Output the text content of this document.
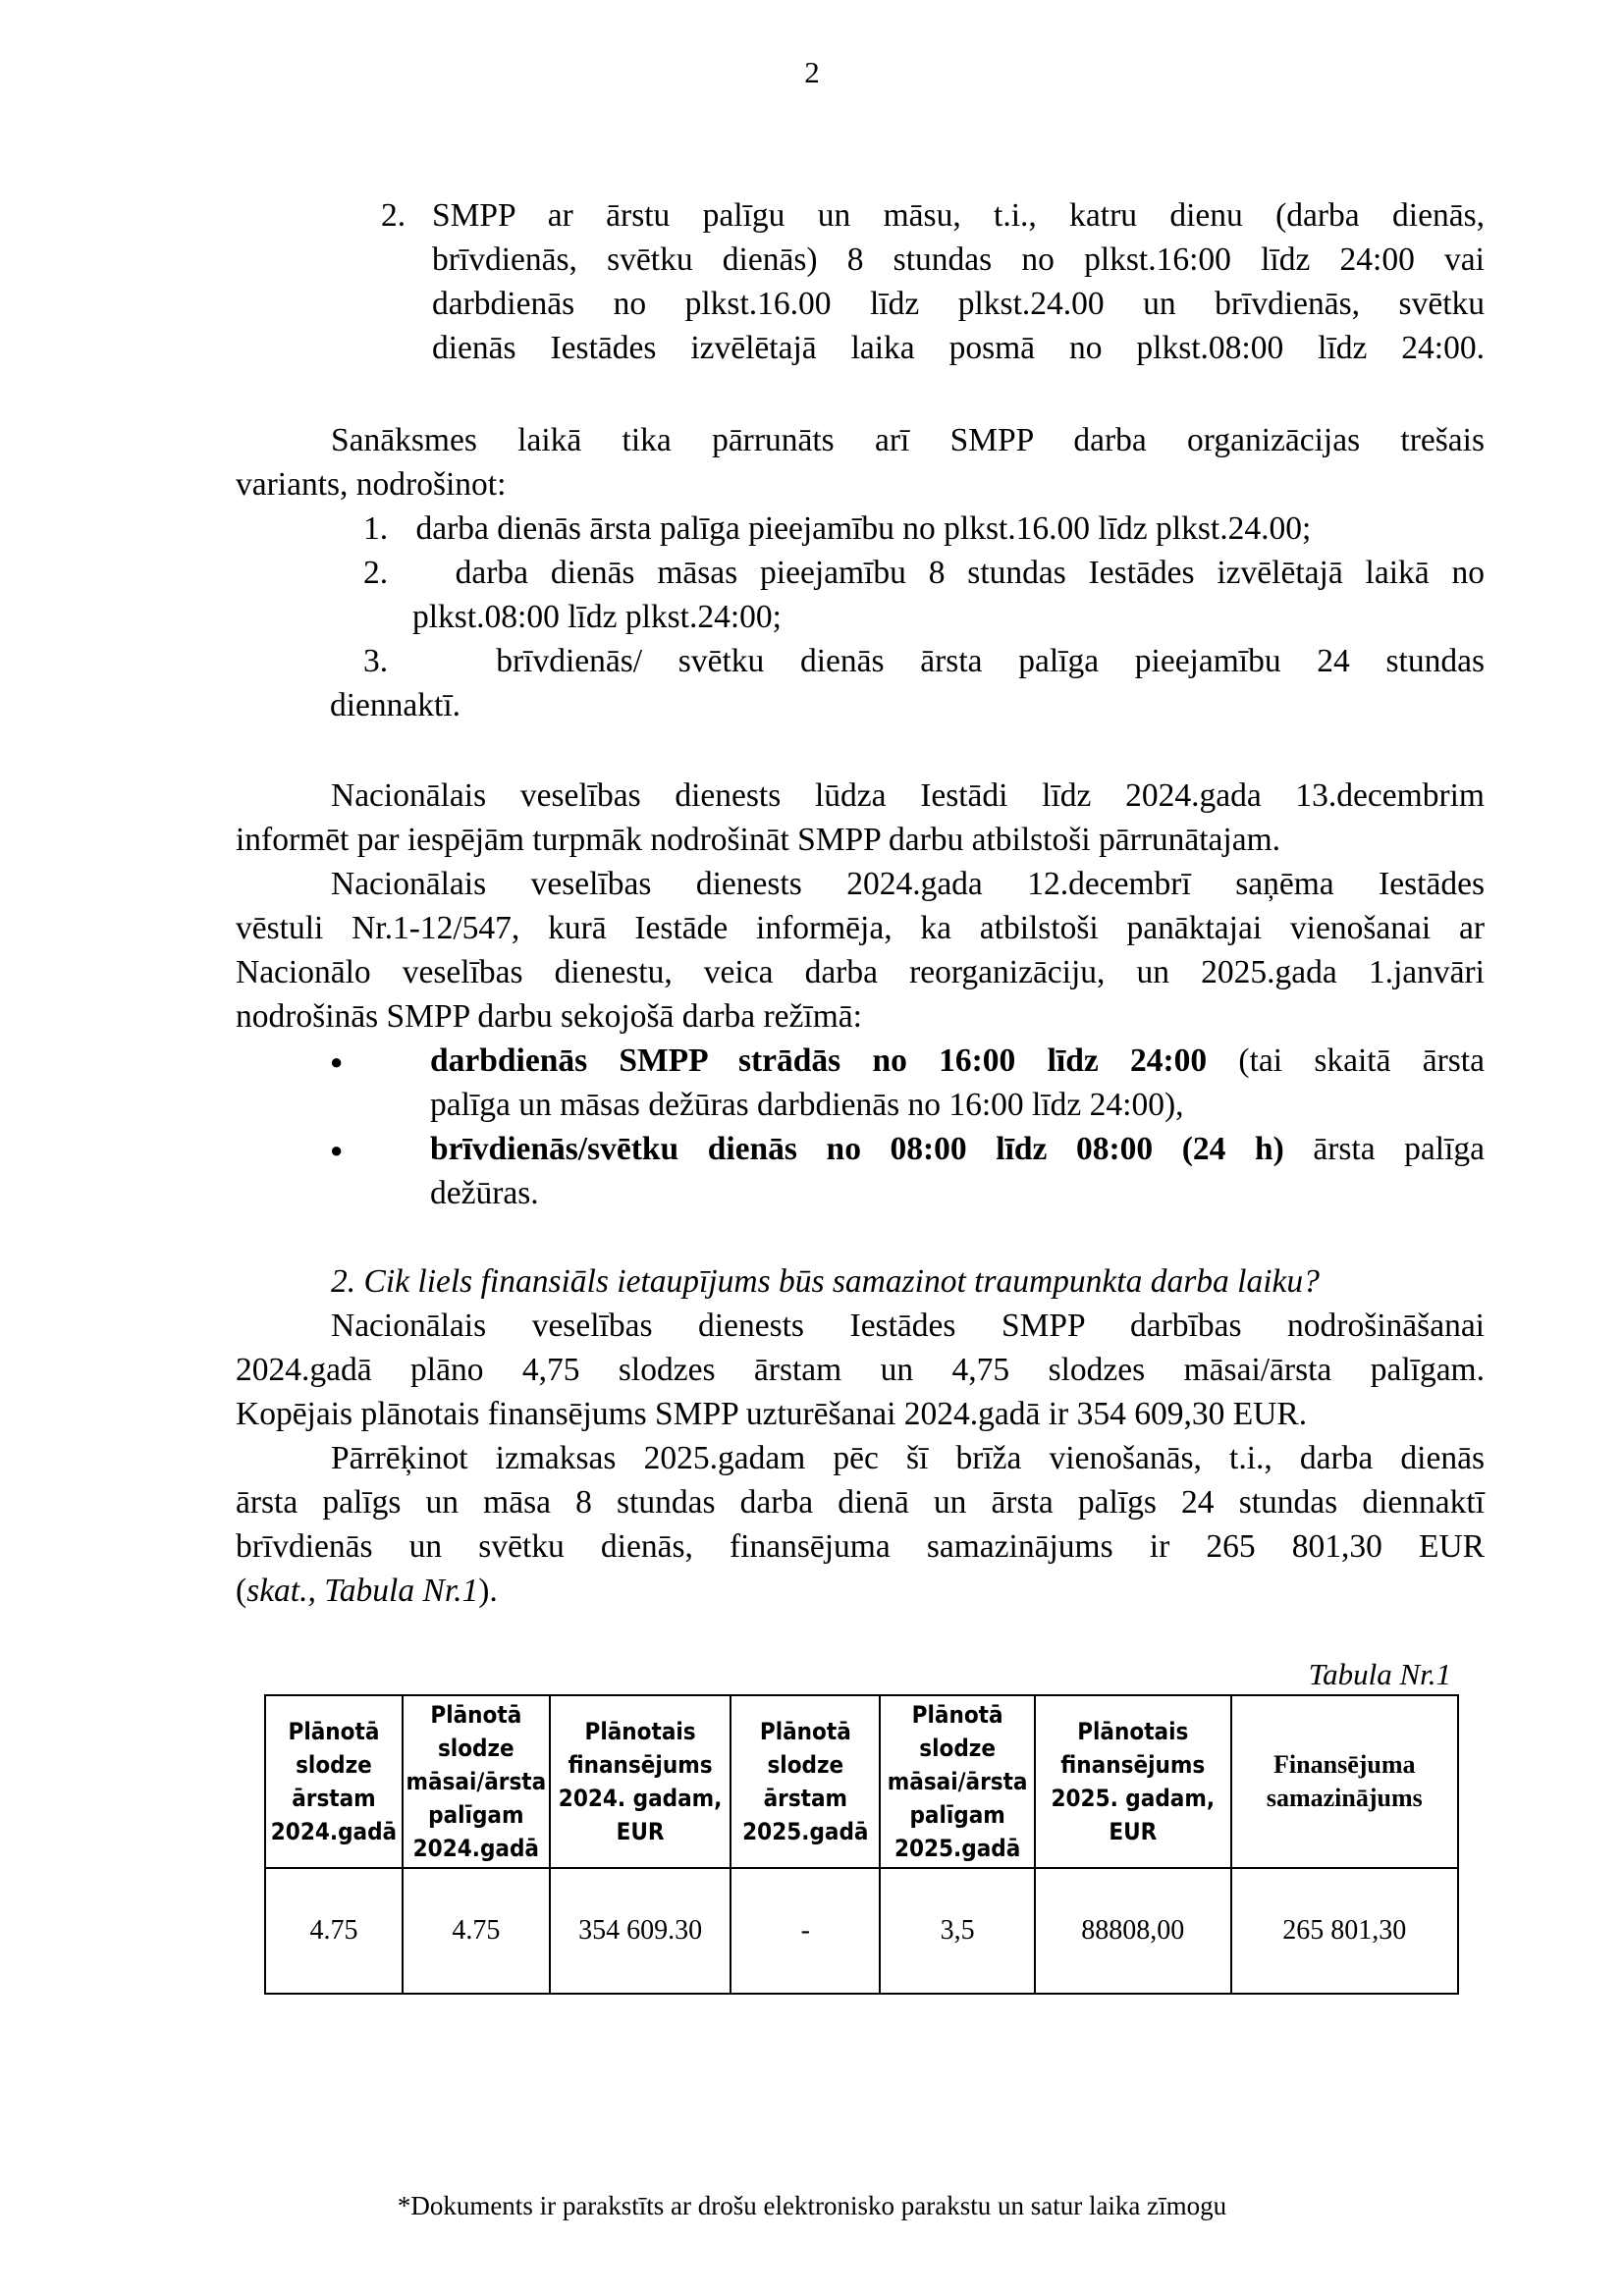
2
2. SMPP ar ārstu palīgu un māsu, t.i., katru dienu (darba dienās,
brīvdienās, svētku dienās) 8 stundas no plkst.16:00 līdz 24:00 vai
darbdienās no plkst.16.00 līdz plkst.24.00 un brīvdienās, svētku
dienās Iestādes izvēlētajā laika posmā no plkst.08:00 līdz 24:00.
Sanāksmes laikā tika pārrunāts arī SMPP darba organizācijas trešais
variants, nodrošinot:
1. darba dienās ārsta palīga pieejamību no plkst.16.00 līdz plkst.24.00;
2. darba dienās māsas pieejamību 8 stundas Iestādes izvēlētajā laikā no
plkst.08:00 līdz plkst.24:00;
3.	brīvdienās/ svētku dienās ārsta palīga pieejamību 24 stundas
diennaktī.
Nacionālais veselības dienests lūdza Iestādi līdz 2024.gada 13.decembrim
informēt par iespējām turpmāk nodrošināt SMPP darbu atbilstoši pārrunātajam.
Nacionālais veselības dienests 2024.gada 12.decembrī saņēma Iestādes
vēstuli Nr.1-12/547, kurā Iestāde informēja, ka atbilstoši panāktajai vienošanai ar
Nacionālo veselības dienestu, veica darba reorganizāciju, un 2025.gada 1.janvāri
nodrošinās SMPP darbu sekojošā darba režīmā:
●	darbdienās SMPP strādās no 16:00 līdz 24:00 (tai skaitā ārsta
palīga un māsas dežūras darbdienās no 16:00 līdz 24:00),
●	brīvdienās/svētku dienās no 08:00 līdz 08:00 (24 h) ārsta palīga
dežūras.
2. Cik liels finansiāls ietaupījums būs samazinot traumpunkta darba laiku?
Nacionālais veselības dienests Iestādes SMPP darbības nodrošināšanai
2024.gadā plāno 4,75 slodzes ārstam un 4,75 slodzes māsai/ārsta palīgam.
Kopējais plānotais finansējums SMPP uzturēšanai 2024.gadā ir 354 609,30 EUR.
Pārrēķinot izmaksas 2025.gadam pēc šī brīža vienošanās, t.i., darba dienās
ārsta palīgs un māsa 8 stundas darba dienā un ārsta palīgs 24 stundas diennaktī
brīvdienās un svētku dienās, finansējuma samazinājums ir 265 801,30 EUR
(skat., Tabula Nr.1).
Tabula Nr.1
Plānotā
slodze
ārstam
2024.gadā	Plānotā
slodze
māsai/ārsta
palīgam
2024.gadā	Plānotais
finansējums
2024. gadam,
EUR	Plānotā
slodze
ārstam
2025.gadā	Plānotā
slodze
māsai/ārsta
palīgam
2025.gadā	Plānotais
finansējums
2025. gadam,
EUR	Finansējuma
samazinājums
4.75	4.75	354 609.30	-	3,5	88808,00	265 801,30
*Dokuments ir parakstīts ar drošu elektronisko parakstu un satur laika zīmogu
